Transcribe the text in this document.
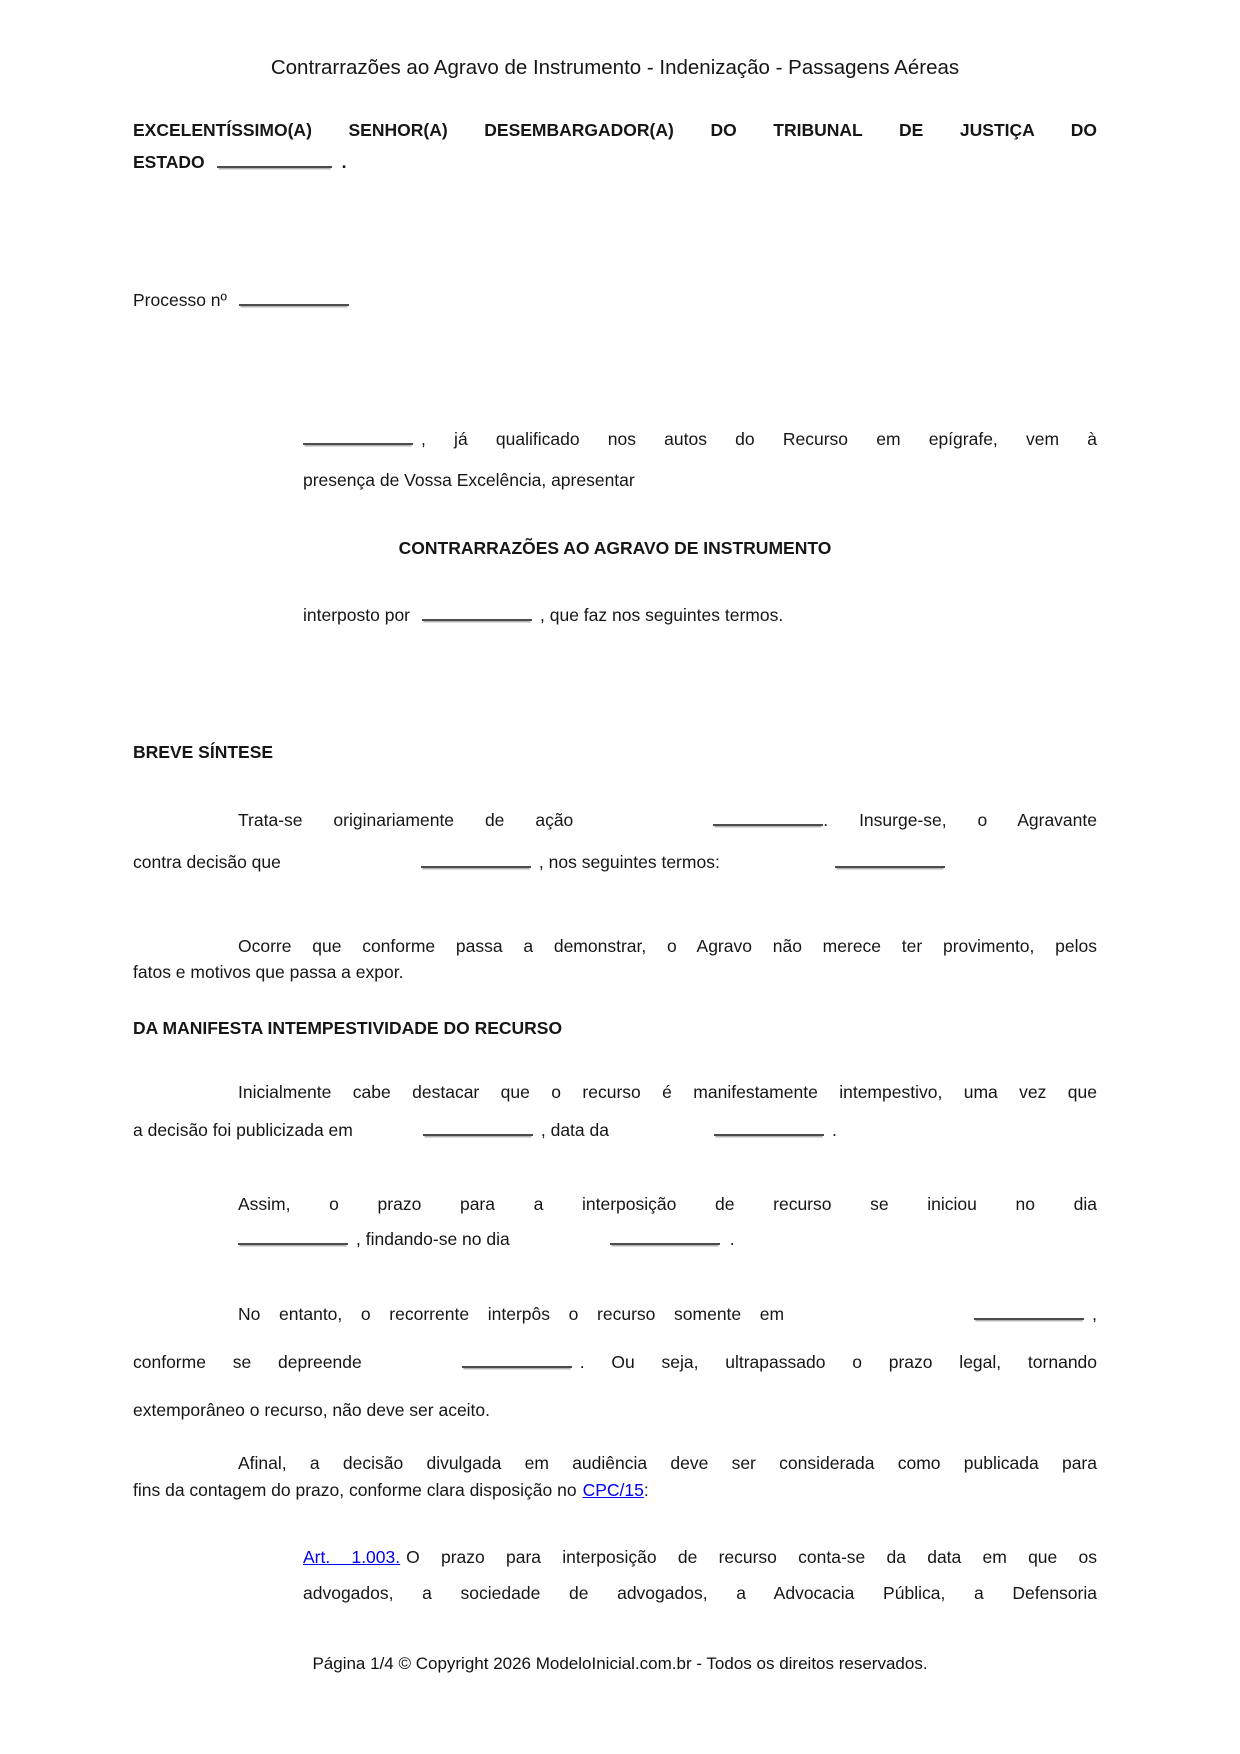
Contrarrazões ao Agravo de Instrumento - Indenização - Passagens Aéreas
EXCELENTÍSSIMO(A) SENHOR(A) DESEMBARGADOR(A) DO TRIBUNAL DE JUSTIÇA DO
ESTADO	.
Processo nº
, já qualificado nos autos do Recurso em epígrafe, vem à
presença de Vossa Excelência, apresentar
CONTRARRAZÕES AO AGRAVO DE INSTRUMENTO
interposto por	, que faz nos seguintes termos.
BREVE SÍNTESE
Trata-se originariamente de ação	. Insurge-se, o Agravante
contra decisão que	, nos seguintes termos:
Ocorre que conforme passa a demonstrar, o Agravo não merece ter provimento, pelos
fatos e motivos que passa a expor.
DA MANIFESTA INTEMPESTIVIDADE DO RECURSO
Inicialmente cabe destacar que o recurso é manifestamente intempestivo, uma vez que
a decisão foi publicizada em	, data da	.
Assim, o prazo para a interposição de recurso se iniciou no dia
, findando-se no dia	.
No entanto, o recorrente interpôs o recurso somente em	,
conforme se depreende	. Ou seja, ultrapassado o prazo legal, tornando
extemporâneo o recurso, não deve ser aceito.
Afinal, a decisão divulgada em audiência deve ser considerada como publicada para
fins da contagem do prazo, conforme clara disposição no CPC/15:
Art. 1.003. O prazo para interposição de recurso conta-se da data em que os
advogados, a sociedade de advogados, a Advocacia Pública, a Defensoria
Página 1/4 © Copyright 2026 ModeloInicial.com.br - Todos os direitos reservados.
